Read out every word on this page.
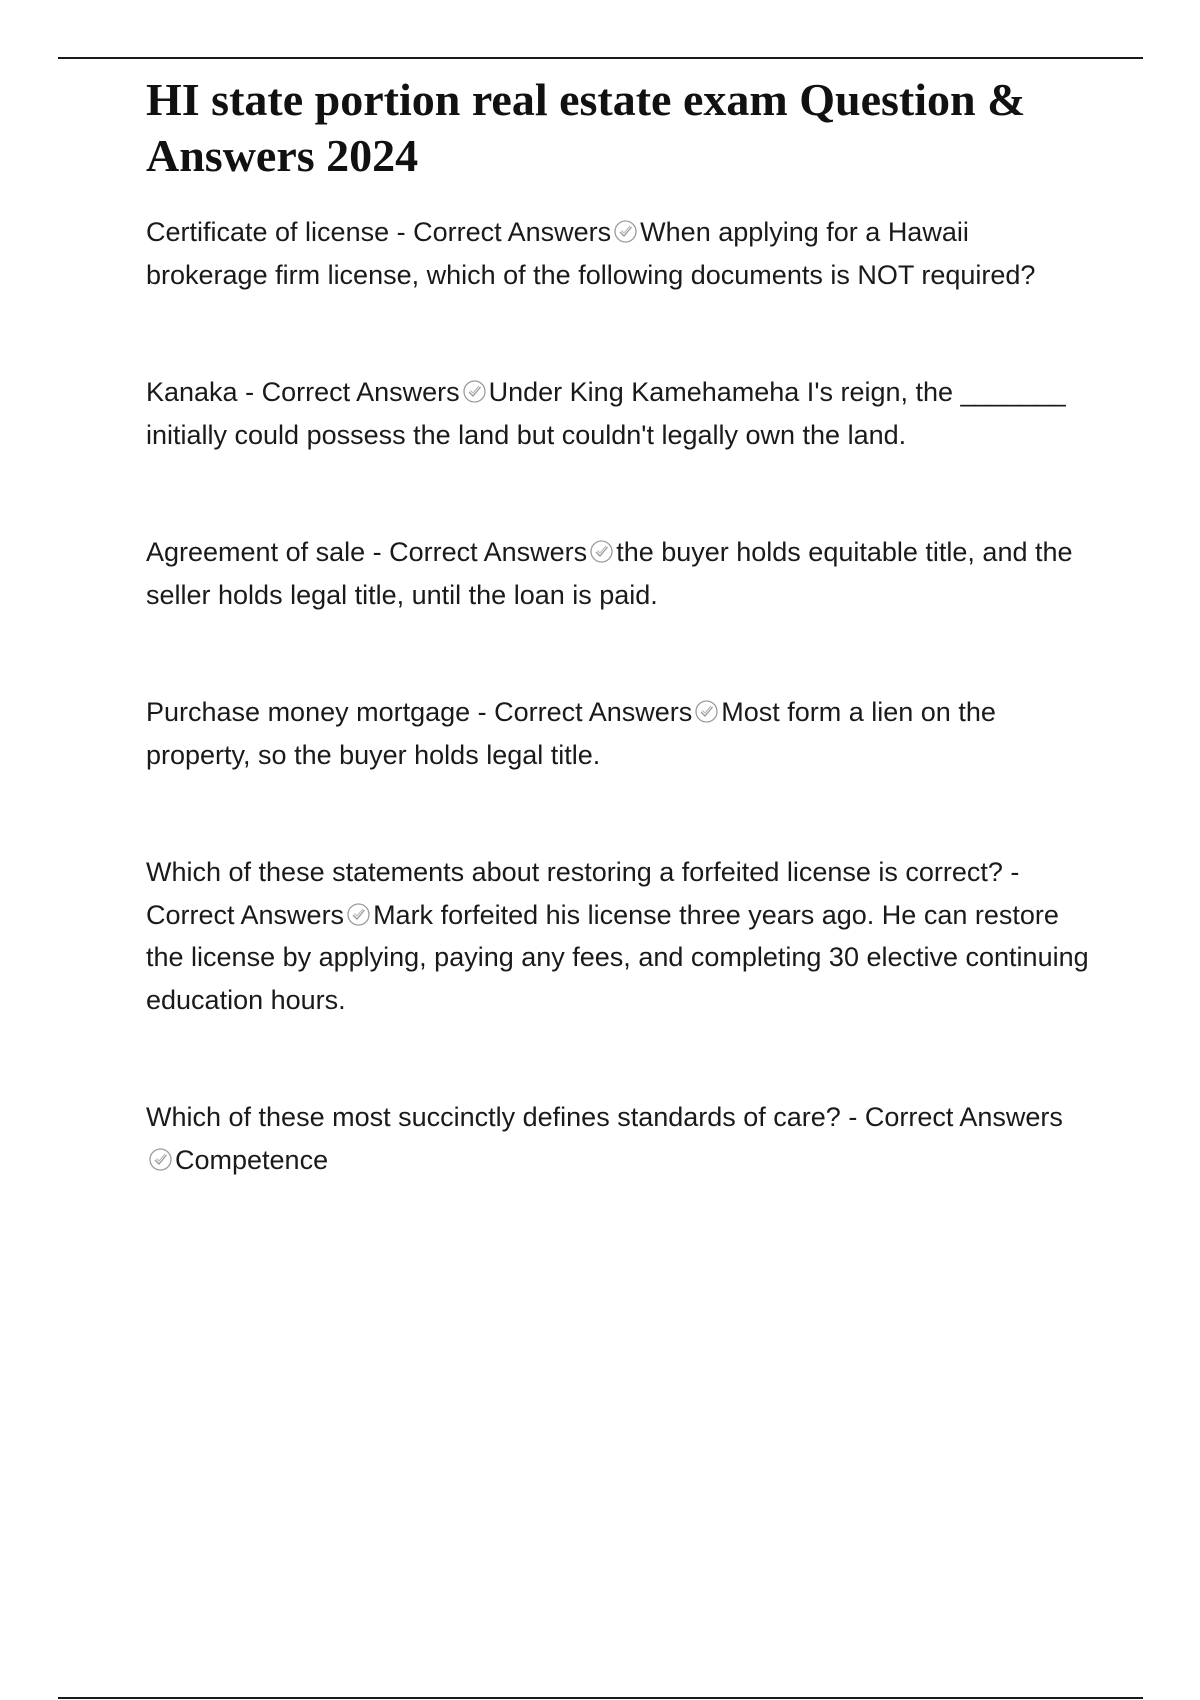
HI state portion real estate exam Question & Answers 2024

Certificate of license - Correct Answers When applying for a Hawaii brokerage firm license, which of the following documents is NOT required?

Kanaka - Correct Answers Under King Kamehameha I's reign, the _______ initially could possess the land but couldn't legally own the land.

Agreement of sale - Correct Answers the buyer holds equitable title, and the seller holds legal title, until the loan is paid.

Purchase money mortgage - Correct Answers Most form a lien on the property, so the buyer holds legal title.

Which of these statements about restoring a forfeited license is correct? - Correct Answers Mark forfeited his license three years ago. He can restore the license by applying, paying any fees, and completing 30 elective continuing education hours.

Which of these most succinctly defines standards of care? - Correct Answers
Competence
